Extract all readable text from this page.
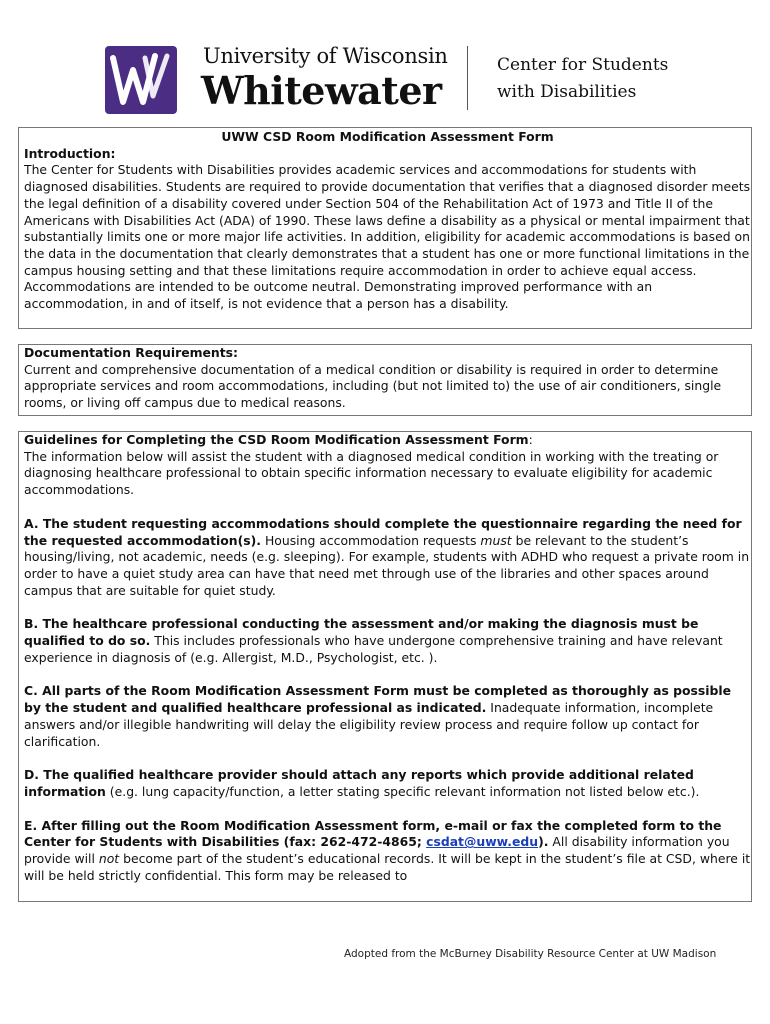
University of Wisconsin
Whitewater
Center for Students
with Disabilities

UWW CSD Room Modification Assessment Form

Introduction:

The Center for Students with Disabilities provides academic services and accommodations for students with diagnosed disabilities. Students are required to provide documentation that verifies that a diagnosed disorder meets the legal definition of a disability covered under Section 504 of the Rehabilitation Act of 1973 and Title II of the Americans with Disabilities Act (ADA) of 1990. These laws define a disability as a physical or mental impairment that substantially limits one or more major life activities. In addition, eligibility for academic accommodations is based on the data in the documentation that clearly demonstrates that a student has one or more functional limitations in the campus housing setting and that these limitations require accommodation in order to achieve equal access. Accommodations are intended to be outcome neutral. Demonstrating improved performance with an accommodation, in and of itself, is not evidence that a person has a disability.

Documentation Requirements:

Current and comprehensive documentation of a medical condition or disability is required in order to determine appropriate services and room accommodations, including (but not limited to) the use of air conditioners, single rooms, or living off campus due to medical reasons.

Guidelines for Completing the CSD Room Modification Assessment Form:

The information below will assist the student with a diagnosed medical condition in working with the treating or diagnosing healthcare professional to obtain specific information necessary to evaluate eligibility for academic accommodations.

A. The student requesting accommodations should complete the questionnaire regarding the need for the requested accommodation(s). Housing accommodation requests must be relevant to the student’s housing/living, not academic, needs (e.g. sleeping). For example, students with ADHD who request a private room in order to have a quiet study area can have that need met through use of the libraries and other spaces around campus that are suitable for quiet study.

B. The healthcare professional conducting the assessment and/or making the diagnosis must be qualified to do so. This includes professionals who have undergone comprehensive training and have relevant experience in diagnosis of (e.g. Allergist, M.D., Psychologist, etc. ).

C. All parts of the Room Modification Assessment Form must be completed as thoroughly as possible by the student and qualified healthcare professional as indicated. Inadequate information, incomplete answers and/or illegible handwriting will delay the eligibility review process and require follow up contact for clarification.

D. The qualified healthcare provider should attach any reports which provide additional related information (e.g. lung capacity/function, a letter stating specific relevant information not listed below etc.).

E. After filling out the Room Modification Assessment form, e-mail or fax the completed form to the Center for Students with Disabilities (fax: 262-472-4865; csdat@uww.edu). All disability information you provide will not become part of the student’s educational records. It will be kept in the student’s file at CSD, where it will be held strictly confidential. This form may be released to

Adopted from the McBurney Disability Resource Center at UW Madison
